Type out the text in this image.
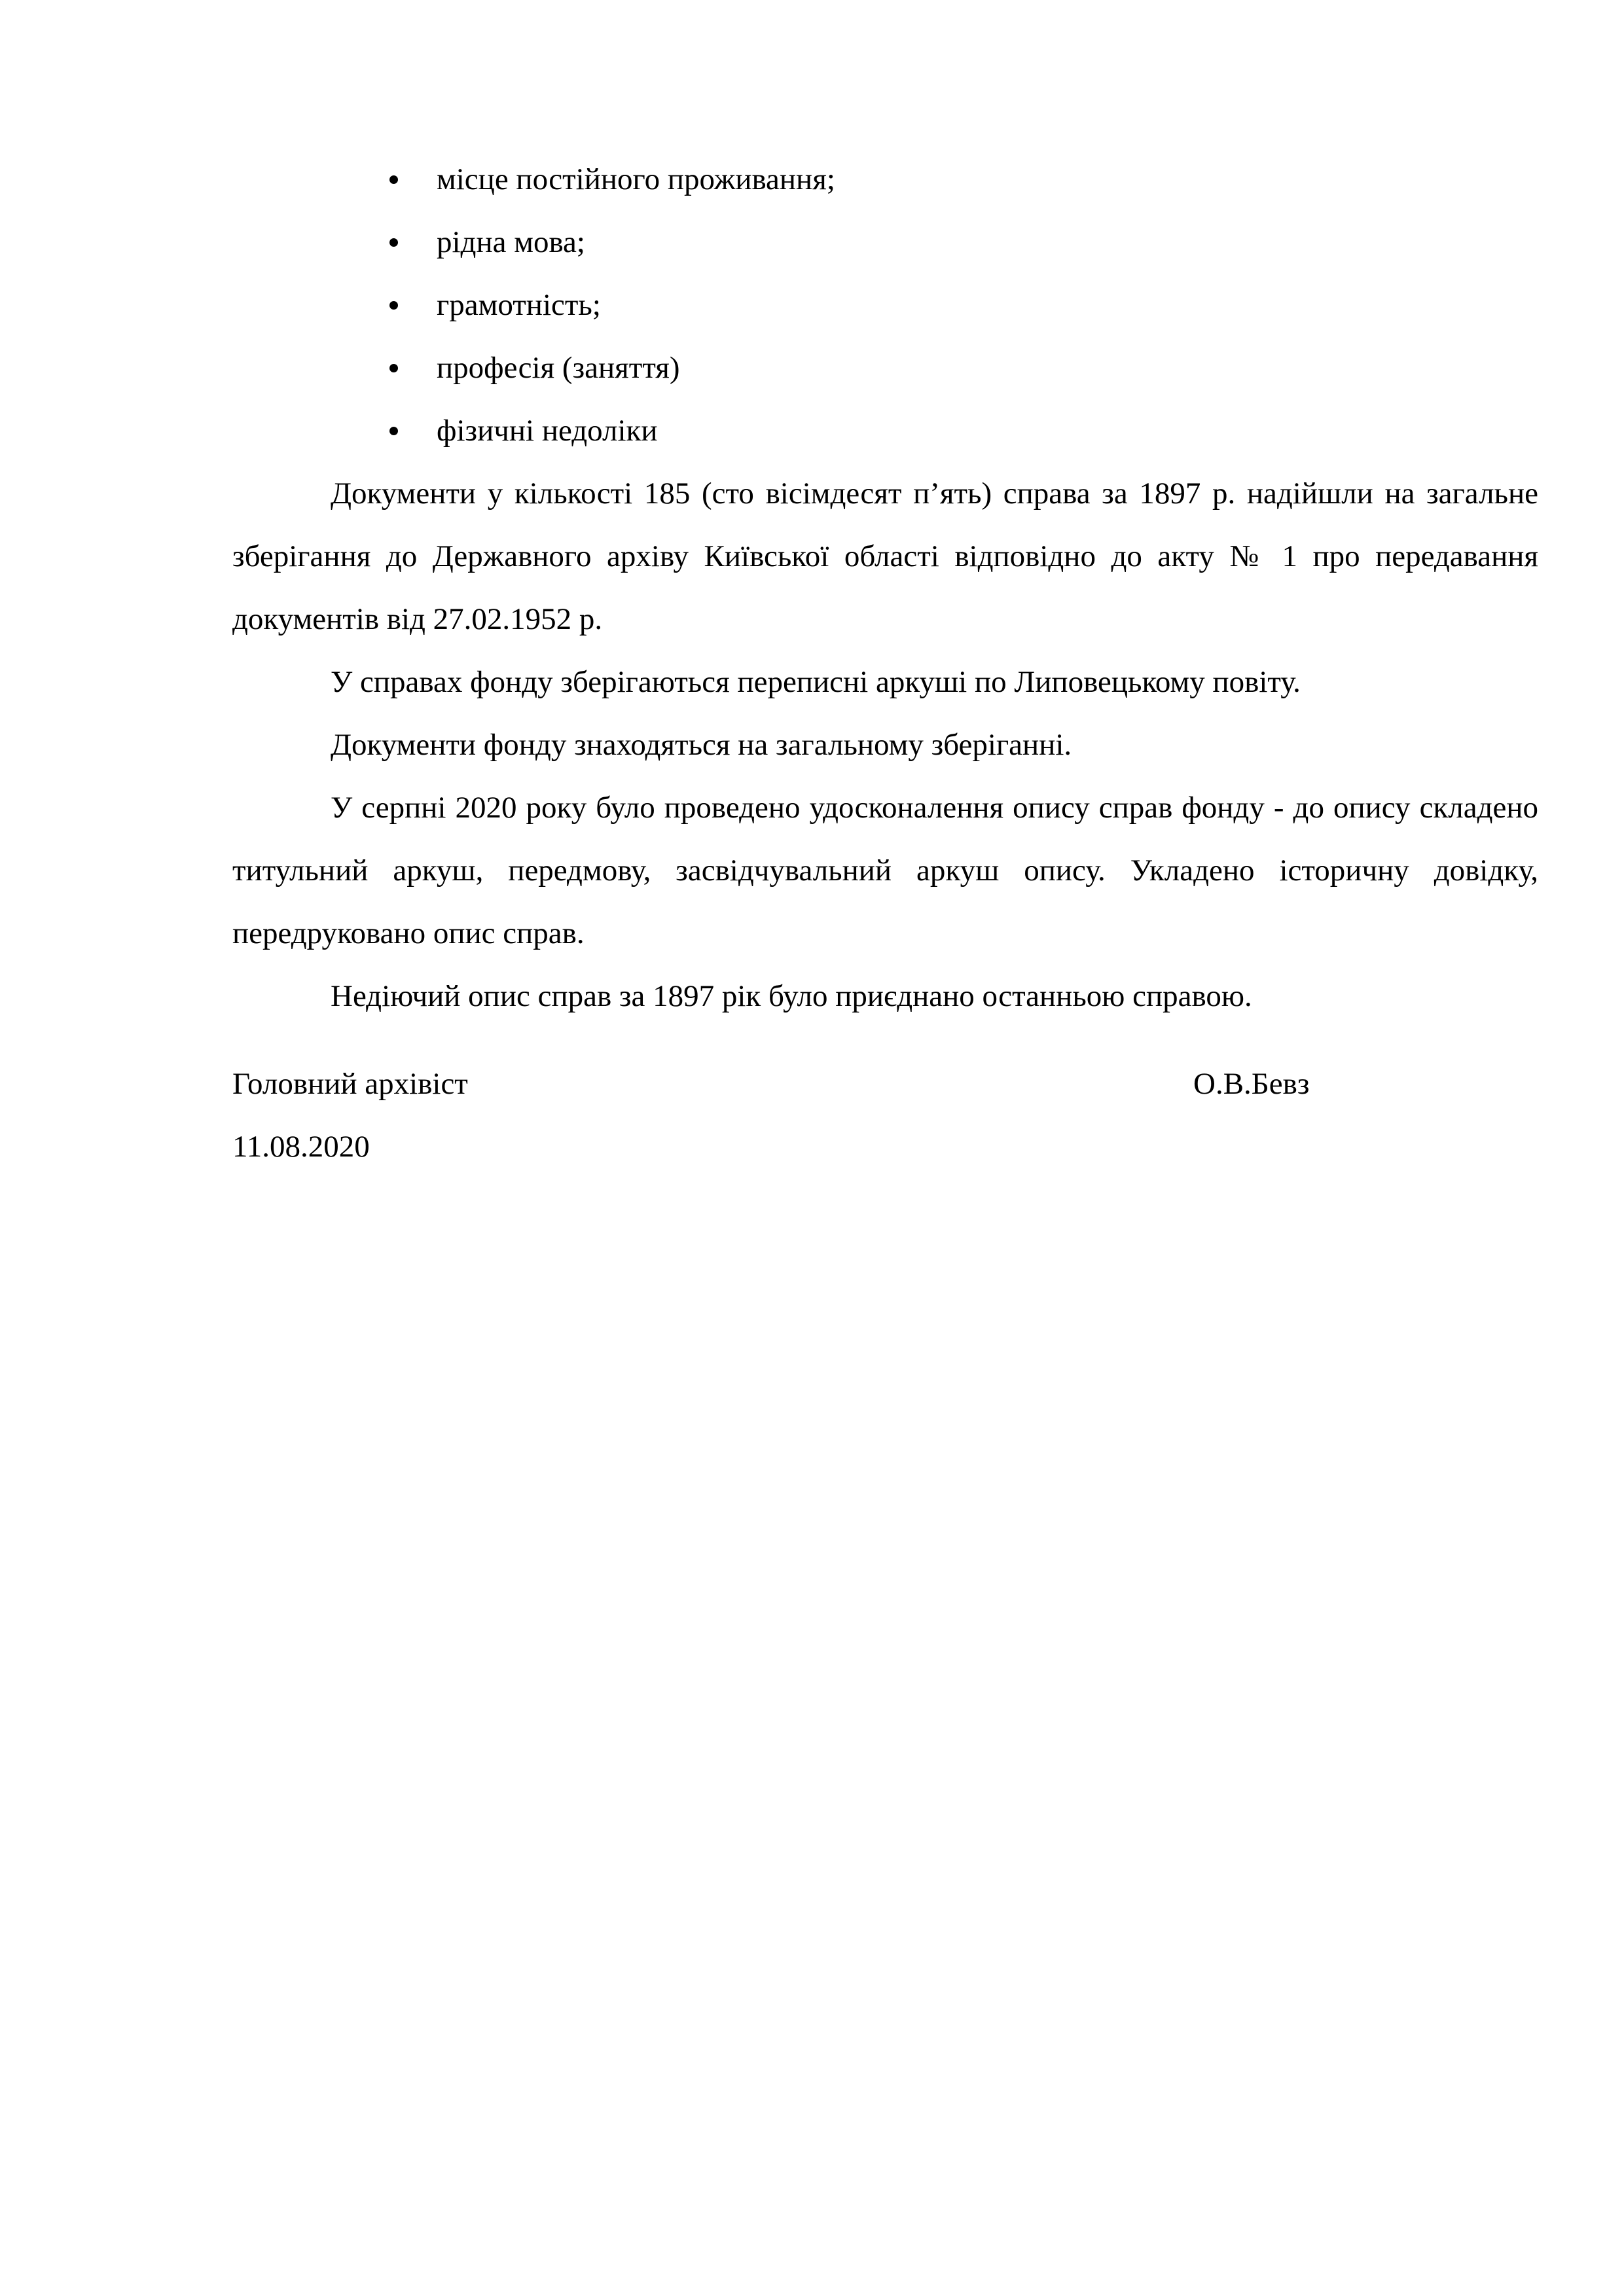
місце постійного проживання;
рідна мова;
грамотність;
професія (заняття)
фізичні недоліки

Документи у кількості 185 (сто вісімдесят п’ять) справа за 1897 р. надійшли на загальне зберігання до Державного архіву Київської області відповідно до акту № 1 про передавання документів від 27.02.1952 р.

У справах фонду зберігаються переписні аркуші по Липовецькому повіту.

Документи фонду знаходяться на загальному зберіганні.

У серпні 2020 року було проведено удосконалення опису справ фонду - до опису складено титульний аркуш, передмову, засвідчувальний аркуш опису. Укладено історичну довідку, передруковано опис справ.

Недіючий опис справ за 1897 рік було приєднано останньою справою.

Головний архівіст	О.В.Бевз
11.08.2020
